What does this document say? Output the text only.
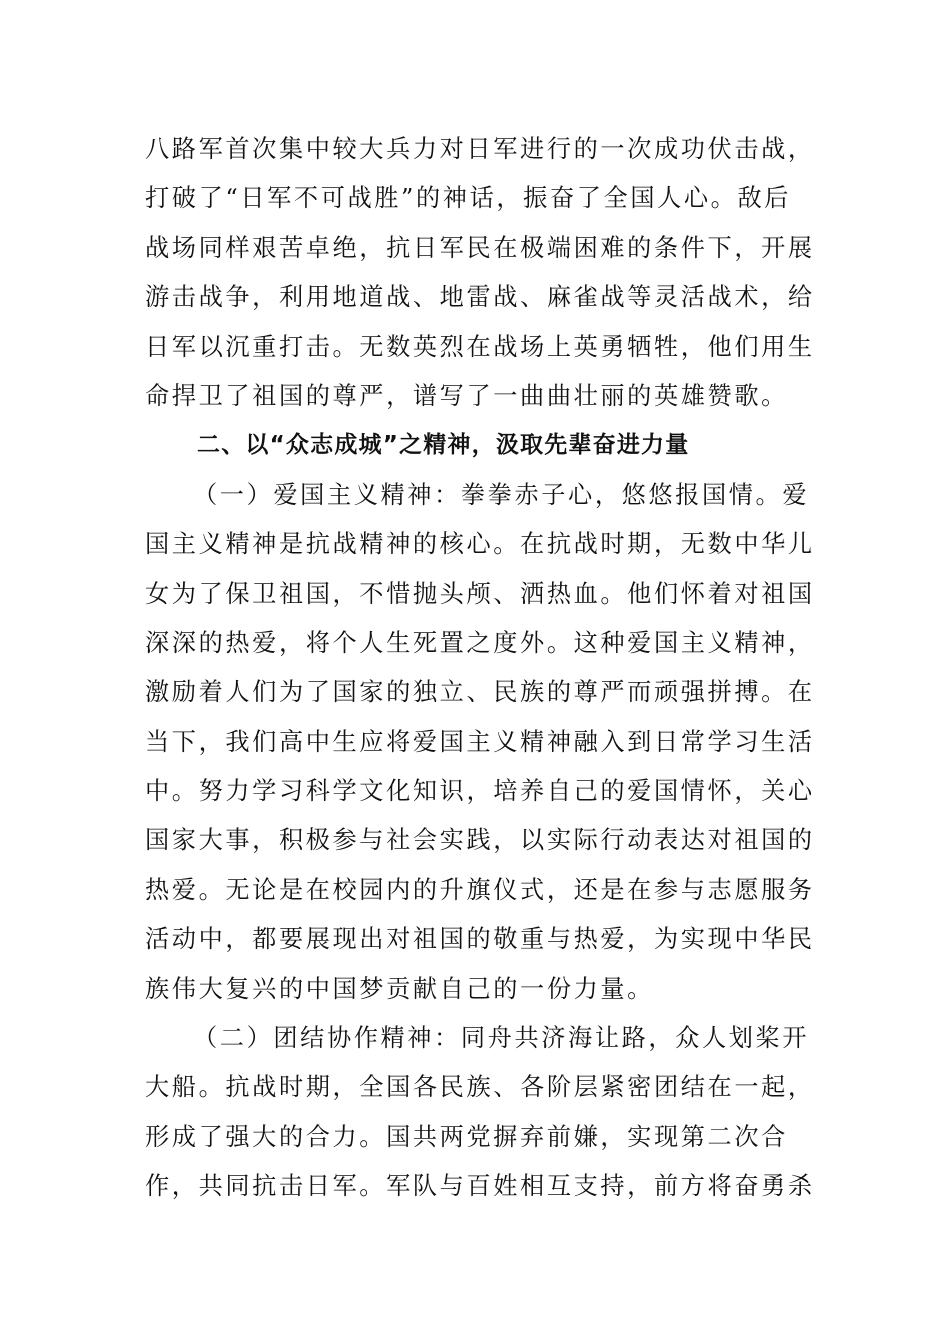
八路军首次集中较大兵力对日军进行的一次成功伏击战，
打破了“日军不可战胜”的神话，振奋了全国人心。敌后
战场同样艰苦卓绝，抗日军民在极端困难的条件下，开展
游击战争，利用地道战、地雷战、麻雀战等灵活战术，给
日军以沉重打击。无数英烈在战场上英勇牺牲，他们用生
命捍卫了祖国的尊严，谱写了一曲曲壮丽的英雄赞歌。
二、以“众志成城”之精神，汲取先辈奋进力量
（一）爱国主义精神：拳拳赤子心，悠悠报国情。爱
国主义精神是抗战精神的核心。在抗战时期，无数中华儿
女为了保卫祖国，不惜抛头颅、洒热血。他们怀着对祖国
深深的热爱，将个人生死置之度外。这种爱国主义精神，
激励着人们为了国家的独立、民族的尊严而顽强拼搏。在
当下，我们高中生应将爱国主义精神融入到日常学习生活
中。努力学习科学文化知识，培养自己的爱国情怀，关心
国家大事，积极参与社会实践，以实际行动表达对祖国的
热爱。无论是在校园内的升旗仪式，还是在参与志愿服务
活动中，都要展现出对祖国的敬重与热爱，为实现中华民
族伟大复兴的中国梦贡献自己的一份力量。
（二）团结协作精神：同舟共济海让路，众人划桨开
大船。抗战时期，全国各民族、各阶层紧密团结在一起，
形成了强大的合力。国共两党摒弃前嫌，实现第二次合
作，共同抗击日军。军队与百姓相互支持，前方将奋勇杀
